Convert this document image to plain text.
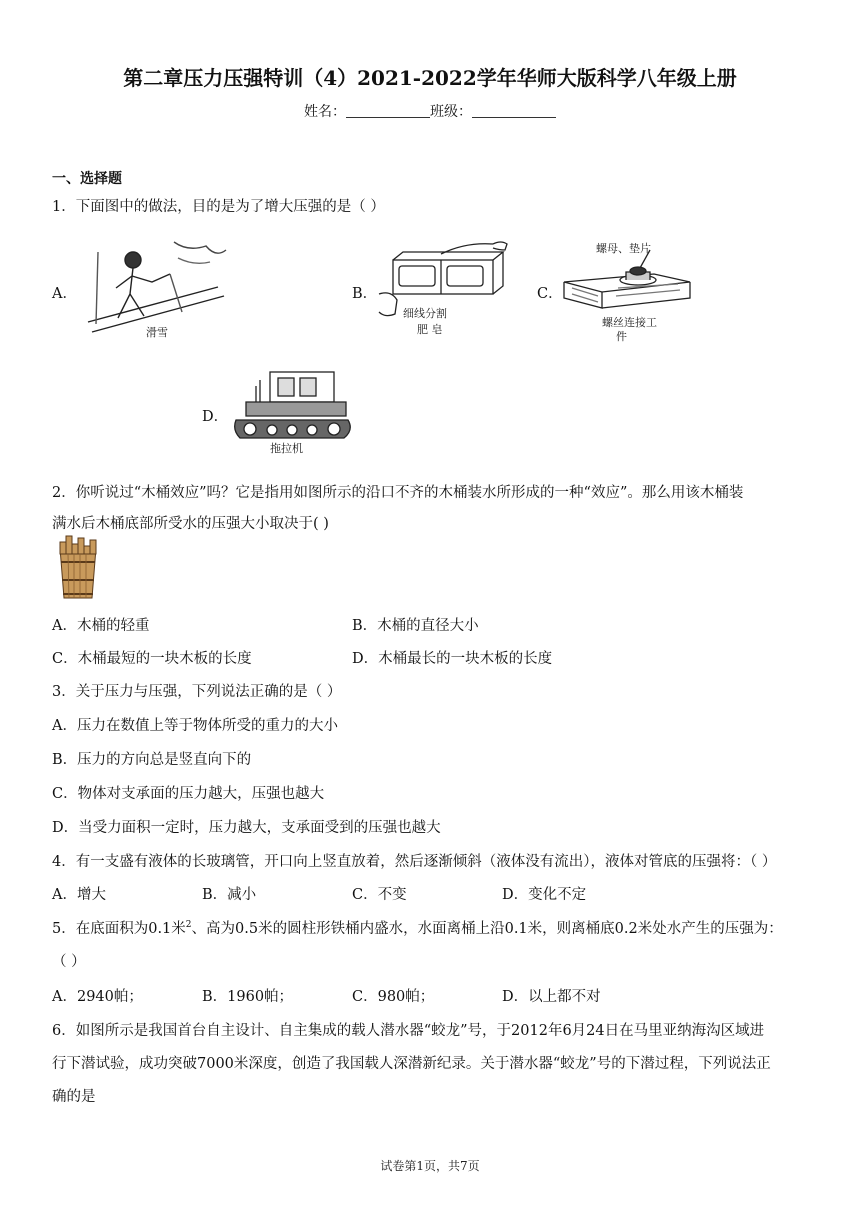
第二章压力压强特训（4）2021-2022学年华师大版科学八年级上册
姓名：	班级：
一、选择题
1．下面图中的做法，目的是为了增大压强的是（ ）
A．
滑雪
B．
细线分割
肥 皂
C．
螺母、垫片
螺丝连接工
件
D．
拖拉机
2．你听说过“木桶效应”吗？它是指用如图所示的沿口不齐的木桶装水所形成的一种“效应”。那么用该木桶装
满水后木桶底部所受水的压强大小取决于( )
A．木桶的轻重	B．木桶的直径大小
C．木桶最短的一块木板的长度	D．木桶最长的一块木板的长度
3．关于压力与压强，下列说法正确的是（ ）
A．压力在数值上等于物体所受的重力的大小
B．压力的方向总是竖直向下的
C．物体对支承面的压力越大，压强也越大
D．当受力面积一定时，压力越大，支承面受到的压强也越大
4．有一支盛有液体的长玻璃管，开口向上竖直放着，然后逐渐倾斜（液体没有流出），液体对管底的压强将：（ ）
A．增大	B．减小	C．不变	D．变化不定
5．在底面积为0.1米$^2$、高为0.5米的圆柱形铁桶内盛水，水面离桶上沿0.1米，则离桶底0.2米处水产生的压强为：
（ ）
A．2940帕；	B．1960帕；	C．980帕；	D．以上都不对
6．如图所示是我国首台自主设计、自主集成的载人潜水器“蛟龙”号，于2012年6月24日在马里亚纳海沟区域进
行下潜试验，成功突破7000米深度，创造了我国载人深潜新纪录。关于潜水器“蛟龙”号的下潜过程，下列说法正
确的是
试卷第1页，共7页
